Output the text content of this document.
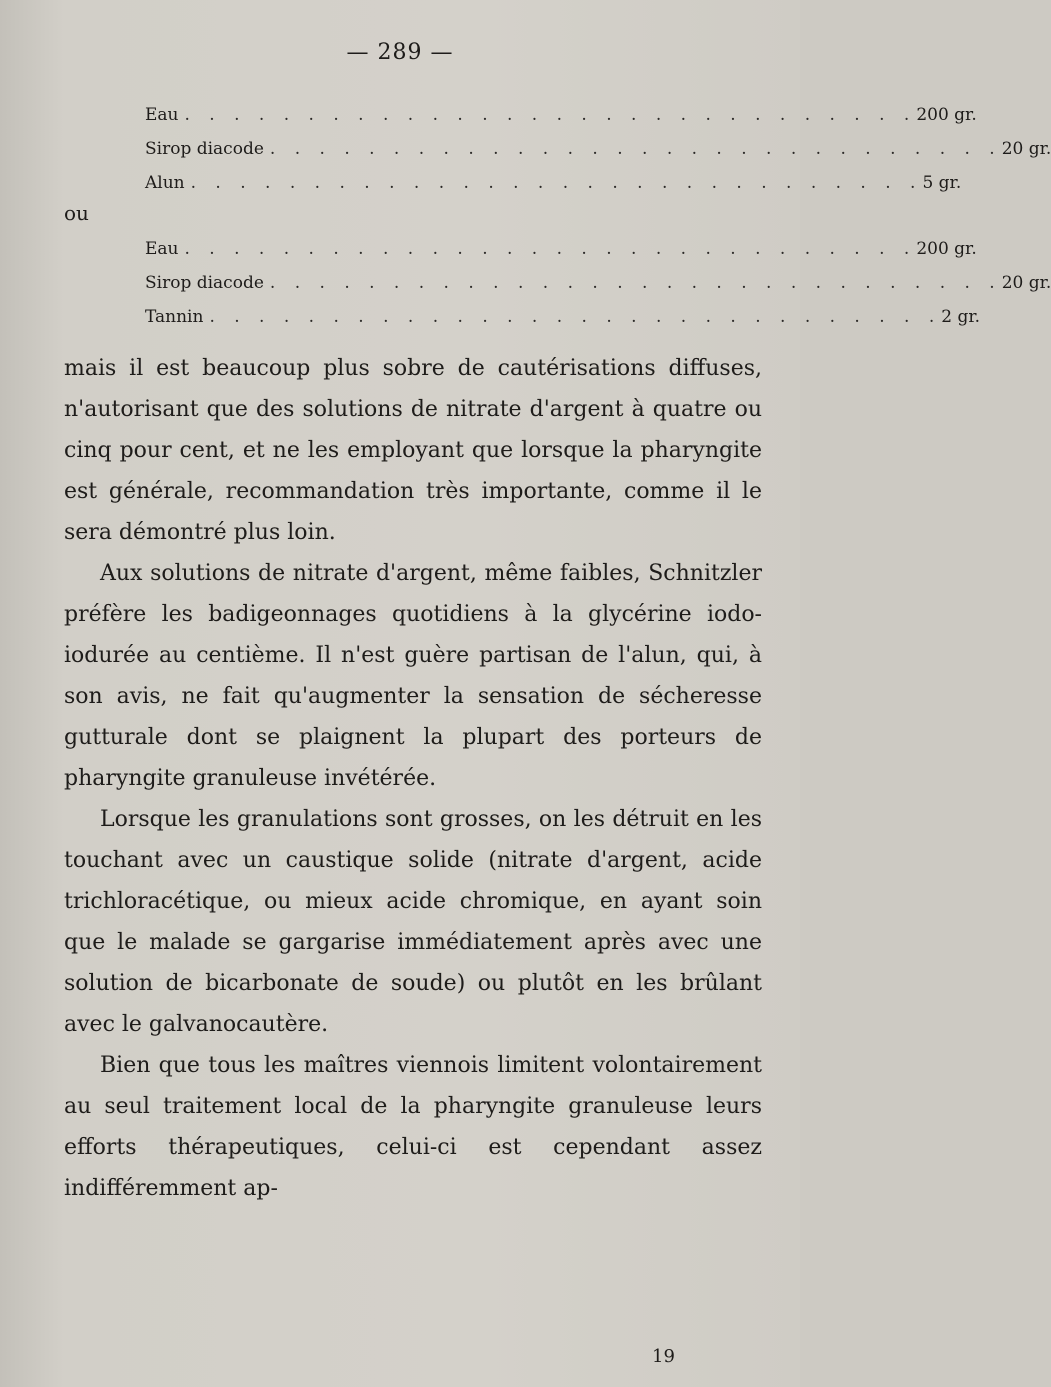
— 289 —
Eau . . . . . . . . . . . . . . . . . . . . . . . . . . . . . . 200 gr.
Sirop diacode . . . . . . . . . . . . . . . . . . . . . . . . . . . . . . 20 gr.
Alun . . . . . . . . . . . . . . . . . . . . . . . . . . . . . . 5 gr.
ou
Eau . . . . . . . . . . . . . . . . . . . . . . . . . . . . . . 200 gr.
Sirop diacode . . . . . . . . . . . . . . . . . . . . . . . . . . . . . . 20 gr.
Tannin . . . . . . . . . . . . . . . . . . . . . . . . . . . . . . 2 gr.

mais il est beaucoup plus sobre de cautérisations diffuses, n'autorisant que des solutions de nitrate d'argent à quatre ou cinq pour cent, et ne les employant que lorsque la pharyngite est générale, recommandation très importante, comme il le sera démontré plus loin.

Aux solutions de nitrate d'argent, même faibles, Schnitzler préfère les badigeonnages quotidiens à la glycérine iodo-iodurée au centième. Il n'est guère partisan de l'alun, qui, à son avis, ne fait qu'augmenter la sensation de sécheresse gutturale dont se plaignent la plupart des porteurs de pharyngite granuleuse invétérée.

Lorsque les granulations sont grosses, on les détruit en les touchant avec un caustique solide (nitrate d'argent, acide trichloracétique, ou mieux acide chromique, en ayant soin que le malade se gargarise immédiatement après avec une solution de bicarbonate de soude) ou plutôt en les brûlant avec le galvanocautère.

Bien que tous les maîtres viennois limitent volontairement au seul traitement local de la pharyngite granuleuse leurs efforts thérapeutiques, celui-ci est cependant assez indifféremment ap-

19
